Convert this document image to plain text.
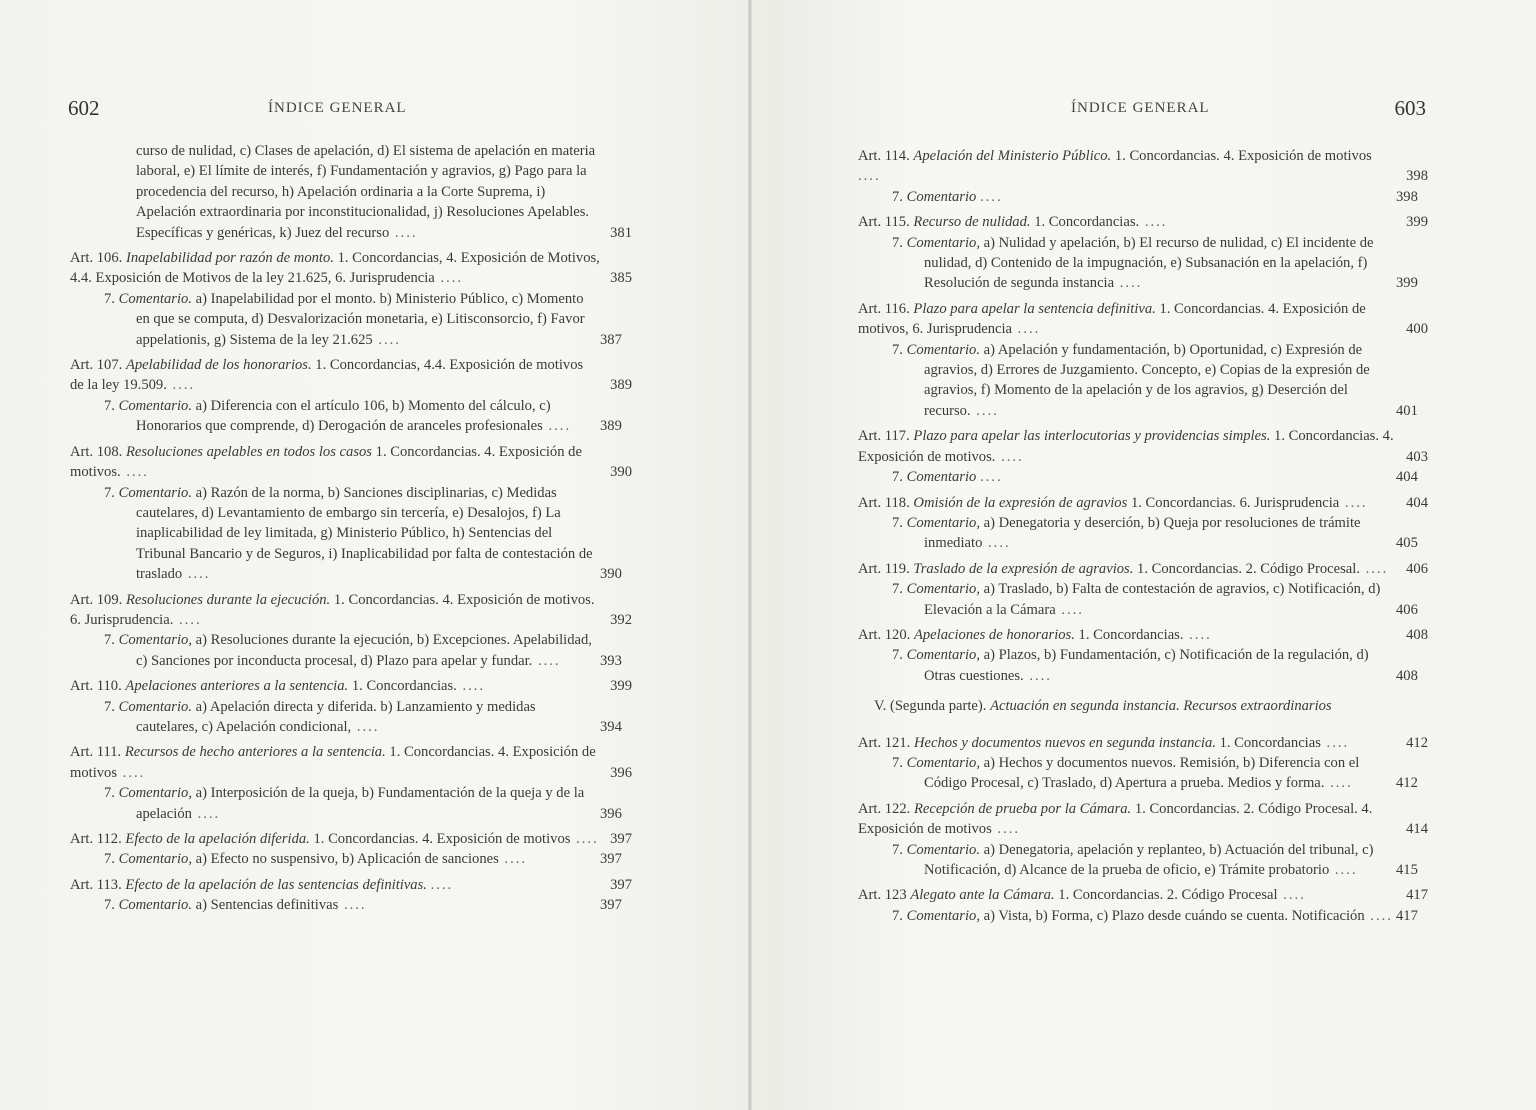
602	ÍNDICE GENERAL
curso de nulidad, c) Clases de apelación, d) El sistema de apelación en materia laboral, e) El límite de interés, f) Fundamentación y agravios, g) Pago para la procedencia del recurso, h) Apelación ordinaria a la Corte Suprema, i) Apelación extraordinaria por inconstitucionalidad, j) Resoluciones Apelables. Específicas y genéricas, k) Juez del recurso ....	381
Art. 106. Inapelabilidad por razón de monto. 1. Concordancias, 4. Exposición de Motivos, 4.4. Exposición de Motivos de la ley 21.625, 6. Jurisprudencia ....	385
7. Comentario. a) Inapelabilidad por el monto. b) Ministerio Público, c) Momento en que se computa, d) Desvalorización monetaria, e) Litisconsorcio, f) Favor appelationis, g) Sistema de la ley 21.625 ....	387
Art. 107. Apelabilidad de los honorarios. 1. Concordancias, 4.4. Exposición de motivos de la ley 19.509. ....	389
7. Comentario. a) Diferencia con el artículo 106, b) Momento del cálculo, c) Honorarios que comprende, d) Derogación de aranceles profesionales .... 389
Art. 108. Resoluciones apelables en todos los casos 1. Concordancias. 4. Exposición de motivos. ....	390
7. Comentario. a) Razón de la norma, b) Sanciones disciplinarias, c) Medidas cautelares, d) Levantamiento de embargo sin tercería, e) Desalojos, f) La inaplicabilidad de ley limitada, g) Ministerio Público, h) Sentencias del Tribunal Bancario y de Seguros, i) Inaplicabilidad por falta de contestación de traslado ....	390
Art. 109. Resoluciones durante la ejecución. 1. Concordancias. 4. Exposición de motivos. 6. Jurisprudencia. ....	392
7. Comentario, a) Resoluciones durante la ejecución, b) Excepciones. Apelabilidad, c) Sanciones por inconducta procesal, d) Plazo para apelar y fundar. ....	393
Art. 110. Apelaciones anteriores a la sentencia. 1. Concordancias. ....	399
7. Comentario. a) Apelación directa y diferida. b) Lanzamiento y medidas cautelares, c) Apelación condicional, ....	394
Art. 111. Recursos de hecho anteriores a la sentencia. 1. Concordancias. 4. Exposición de motivos ....	396
7. Comentario, a) Interposición de la queja, b) Fundamentación de la queja y de la apelación ....	396
Art. 112. Efecto de la apelación diferida. 1. Concordancias. 4. Exposición de motivos .... 397
7. Comentario, a) Efecto no suspensivo, b) Aplicación de sanciones ....	397
Art. 113. Efecto de la apelación de las sentencias definitivas. ....	397
7. Comentario. a) Sentencias definitivas ....	397
603
ÍNDICE GENERAL
Art. 114. Apelación del Ministerio Público. 1. Concordancias. 4. Exposición de motivos ....	398
7. Comentario ....	398
Art. 115. Recurso de nulidad. 1. Concordancias. ....	399
7. Comentario, a) Nulidad y apelación, b) El recurso de nulidad, c) El incidente de nulidad, d) Contenido de la impugnación, e) Subsanación en la apelación, f) Resolución de segunda instancia ....	399
Art. 116. Plazo para apelar la sentencia definitiva. 1. Concordancias. 4. Exposición de motivos, 6. Jurisprudencia ....	400
7. Comentario. a) Apelación y fundamentación, b) Oportunidad, c) Expresión de agravios, d) Errores de Juzgamiento. Concepto, e) Copias de la expresión de agravios, f) Momento de la apelación y de los agravios, g) Deserción del recurso. ....	401
Art. 117. Plazo para apelar las interlocutorias y providencias simples. 1. Concordancias. 4. Exposición de motivos. ....	403
7. Comentario ....	404
Art. 118. Omisión de la expresión de agravios 1. Concordancias. 6. Jurisprudencia ....	404
7. Comentario, a) Denegatoria y deserción, b) Queja por resoluciones de trámite inmediato ....	405
Art. 119. Traslado de la expresión de agravios. 1. Concordancias. 2. Código Procesal. .... 406
7. Comentario, a) Traslado, b) Falta de contestación de agravios, c) Notificación, d) Elevación a la Cámara ....	406
Art. 120. Apelaciones de honorarios. 1. Concordancias. ....	408
7. Comentario, a) Plazos, b) Fundamentación, c) Notificación de la regulación, d) Otras cuestiones. ....	408
V. (Segunda parte). Actuación en segunda instancia. Recursos extraordinarios
Art. 121. Hechos y documentos nuevos en segunda instancia. 1. Concordancias ....	412
7. Comentario, a) Hechos y documentos nuevos. Remisión, b) Diferencia con el Código Procesal, c) Traslado, d) Apertura a prueba. Medios y forma. ....	412
Art. 122. Recepción de prueba por la Cámara. 1. Concordancias. 2. Código Procesal. 4. Exposición de motivos ....	414
7. Comentario. a) Denegatoria, apelación y replanteo, b) Actuación del tribunal, c) Notificación, d) Alcance de la prueba de oficio, e) Trámite probatorio ....	415
Art. 123 Alegato ante la Cámara. 1. Concordancias. 2. Código Procesal ....	417
7. Comentario, a) Vista, b) Forma, c) Plazo desde cuándo se cuenta. Notificación .... 417
